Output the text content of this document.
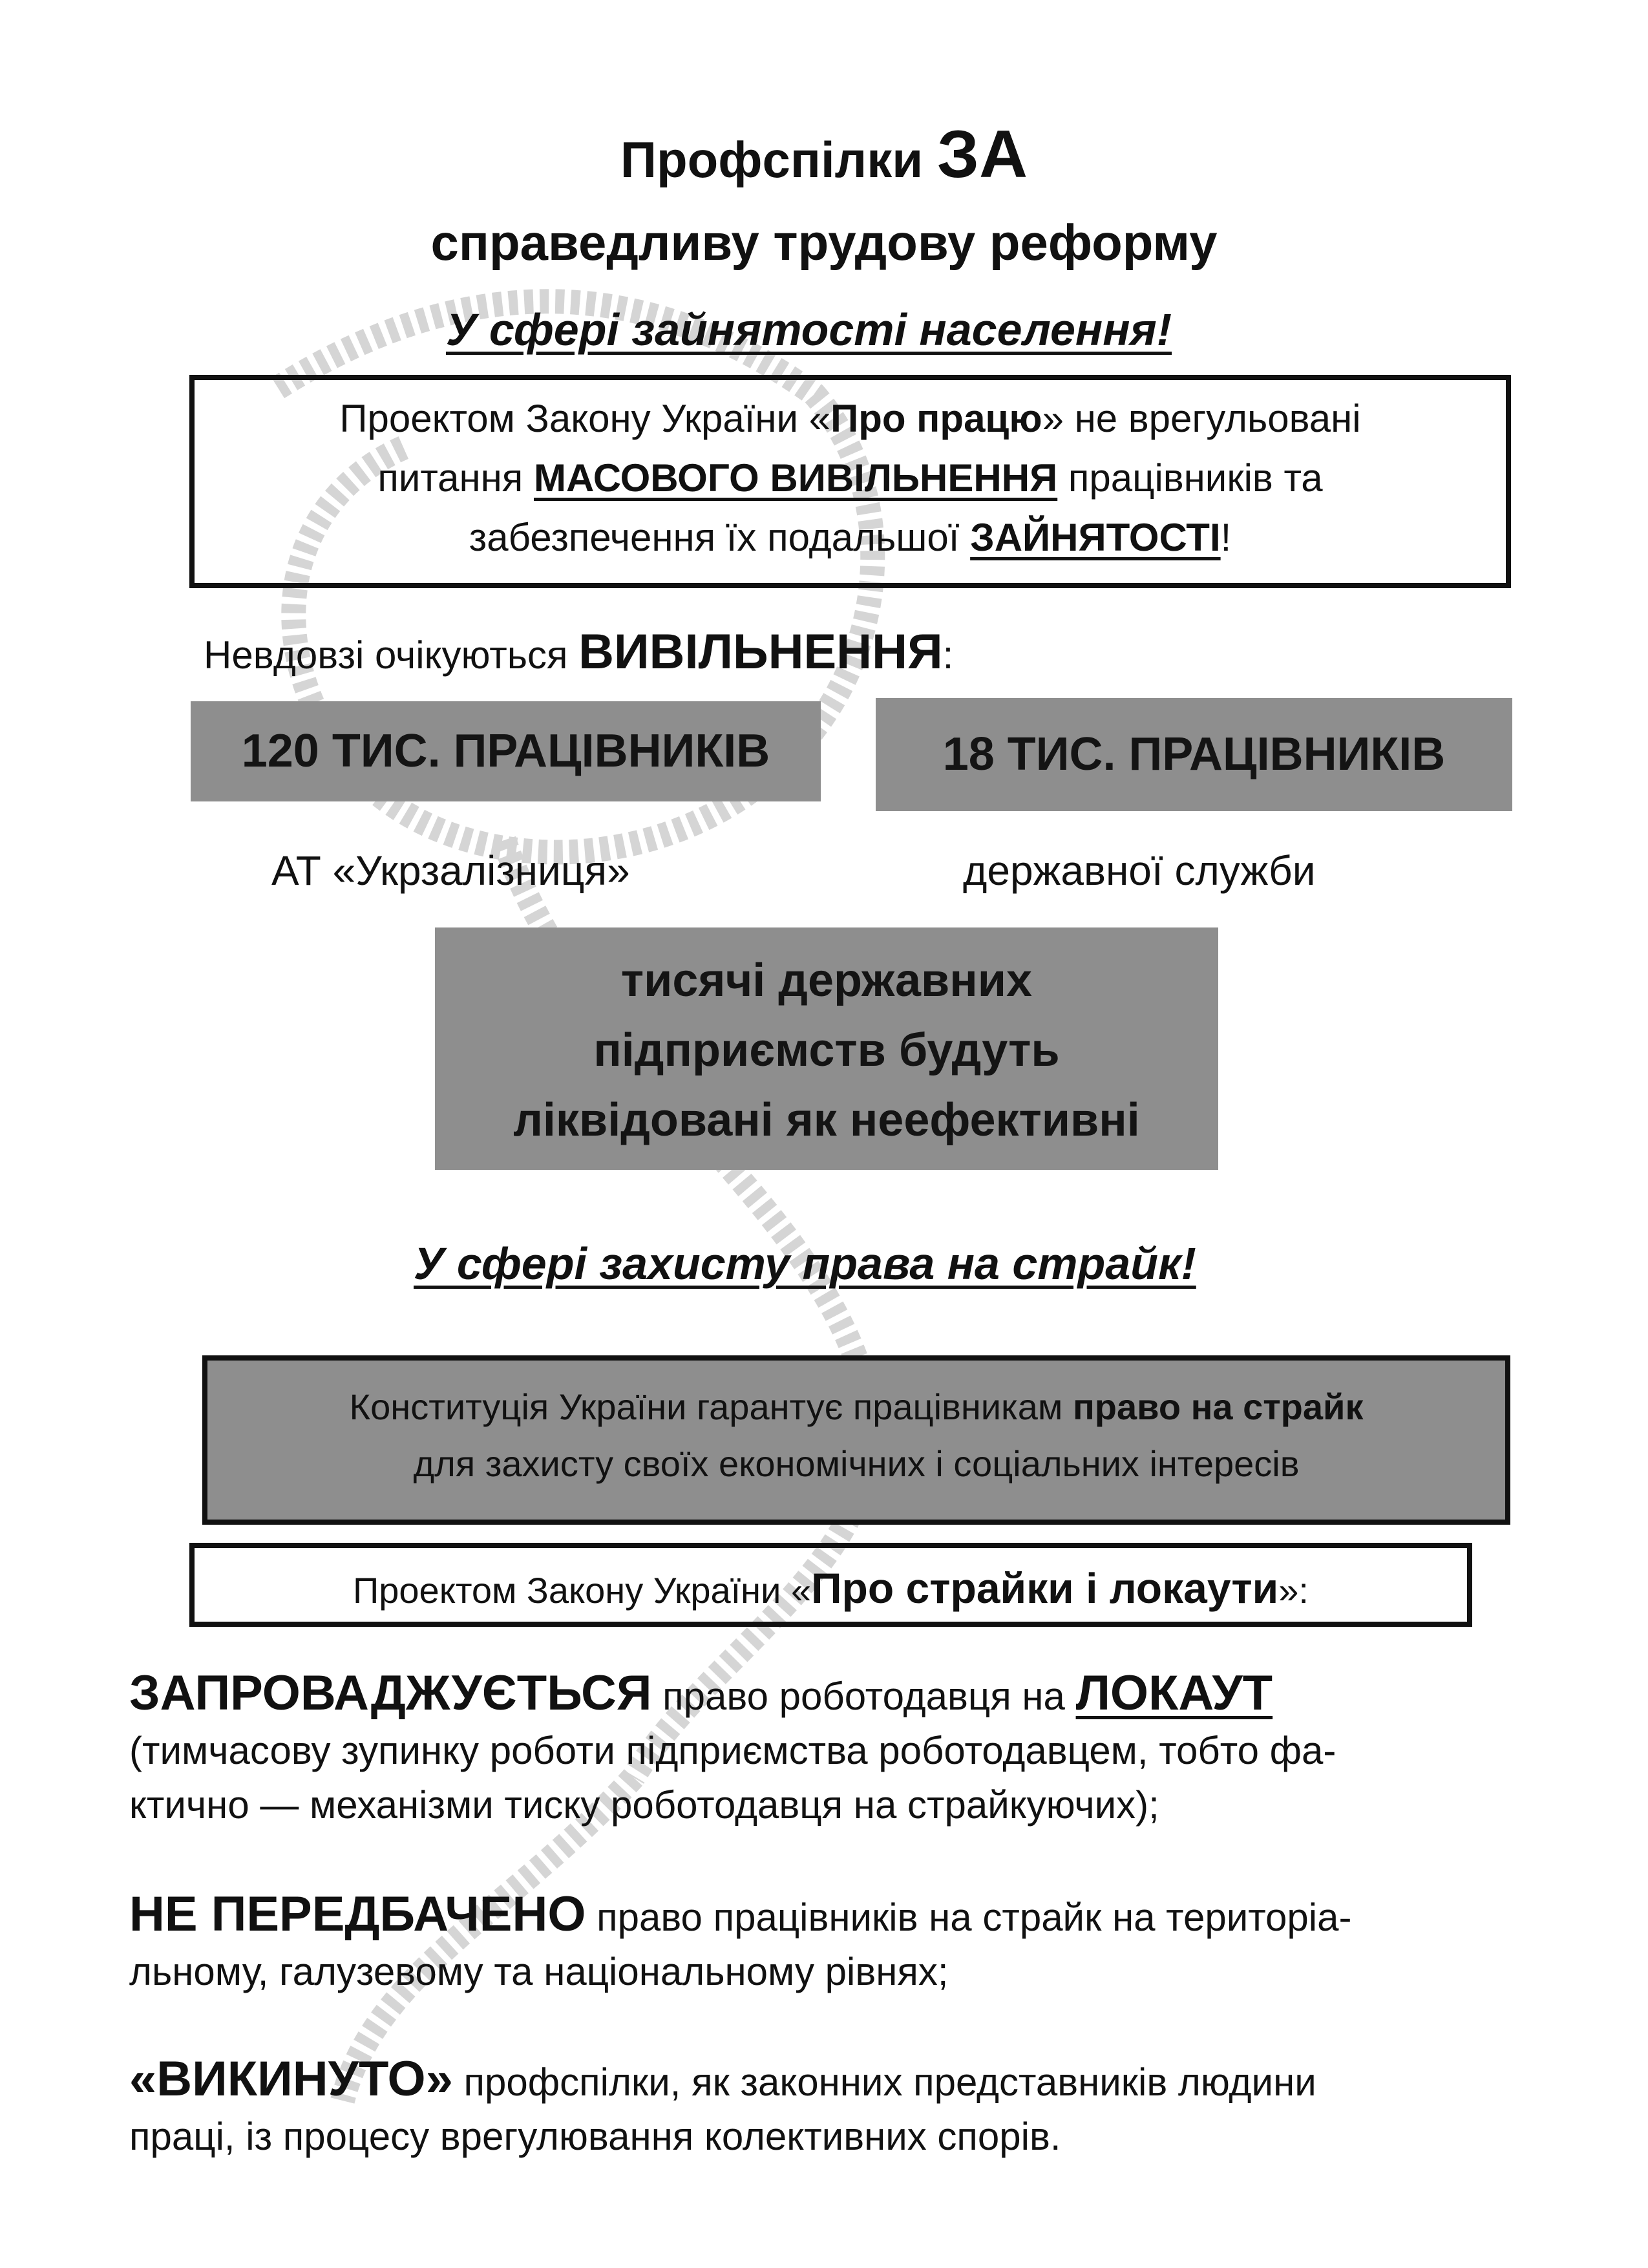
Профспілки ЗА
справедливу трудову реформу
У сфері зайнятості населення!
Проектом Закону України «Про працю» не врегульовані
питання МАСОВОГО ВИВІЛЬНЕННЯ працівників та
забезпечення їх подальшої ЗАЙНЯТОСТІ!
Невдовзі очікуються ВИВІЛЬНЕННЯ:
120 ТИС. ПРАЦІВНИКІВ	18 ТИС. ПРАЦІВНИКІВ
АТ «Укрзалізниця»	державної служби
тисячі державних
підприємств будуть
ліквідовані як неефективні
У сфері захисту права на страйк!
Конституція України гарантує працівникам право на страйк
для захисту своїх економічних і соціальних інтересів
Проектом Закону України «Про страйки і локаути»:
ЗАПРОВАДЖУЄТЬСЯ право роботодавця на ЛОКАУТ
(тимчасову зупинку роботи підприємства роботодавцем, тобто фа-
ктично — механізми тиску роботодавця на страйкуючих);
НЕ ПЕРЕДБАЧЕНО право працівників на страйк на територіа-
льному, галузевому та національному рівнях;
«ВИКИНУТО» профспілки, як законних представників людини
праці, із процесу врегулювання колективних спорів.
